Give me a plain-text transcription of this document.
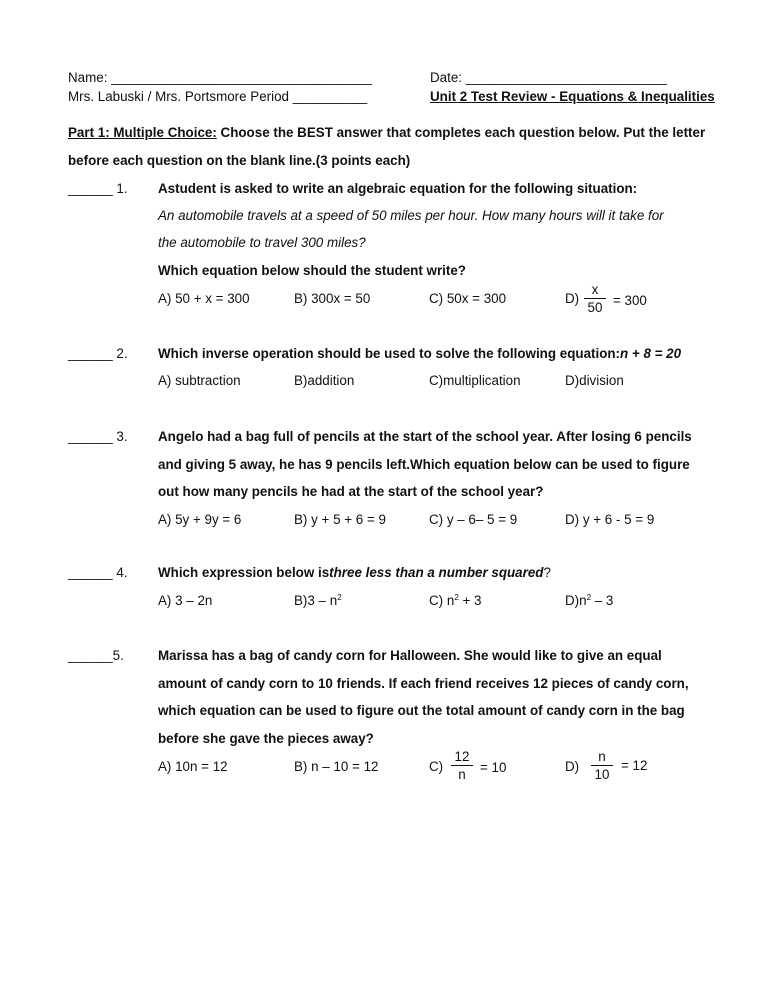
Name: ___________________________________
Mrs. Labuski / Mrs. Portsmore Period __________
Date: ___________________________
Unit 2 Test Review - Equations & Inequalities
Part 1: Multiple Choice: Choose the BEST answer that completes each question below. Put the letter
before each question on the blank line.(3 points each)
______ 1. Astudent is asked to write an algebraic equation for the following situation:
An automobile travels at a speed of 50 miles per hour. How many hours will it take for
the automobile to travel 300 miles?
Which equation below should the student write?
A) 50 + x = 300	B) 300x = 50	C) 50x = 300	D)
x
50 = 300
______ 2. Which inverse operation should be used to solve the following equation:n + 8 = 20
A) subtraction	B)addition	C)multiplication	D)division
______ 3. Angelo had a bag full of pencils at the start of the school year. After losing 6 pencils
and giving 5 away, he has 9 pencils left.Which equation below can be used to figure
out how many pencils he had at the start of the school year?
A) 5y + 9y = 6	B) y + 5 + 6 = 9	C) y – 6– 5 = 9	D) y + 6 - 5 = 9
______ 4. Which expression below isthree less than a number squared?
A) 3 – 2n	$B)3 - n^2$	C) $n^2 + 3$	$D)n^2 - 3$
______5.	Marissa has a bag of candy corn for Halloween. She would like to give an equal
amount of candy corn to 10 friends. If each friend receives 12 pieces of candy corn,
which equation can be used to figure out the total amount of candy corn in the bag
before she gave the pieces away?
A) 10n = 12	B) n – 10 = 12	C)
12
n	= 10	D)
n
10
= 12
